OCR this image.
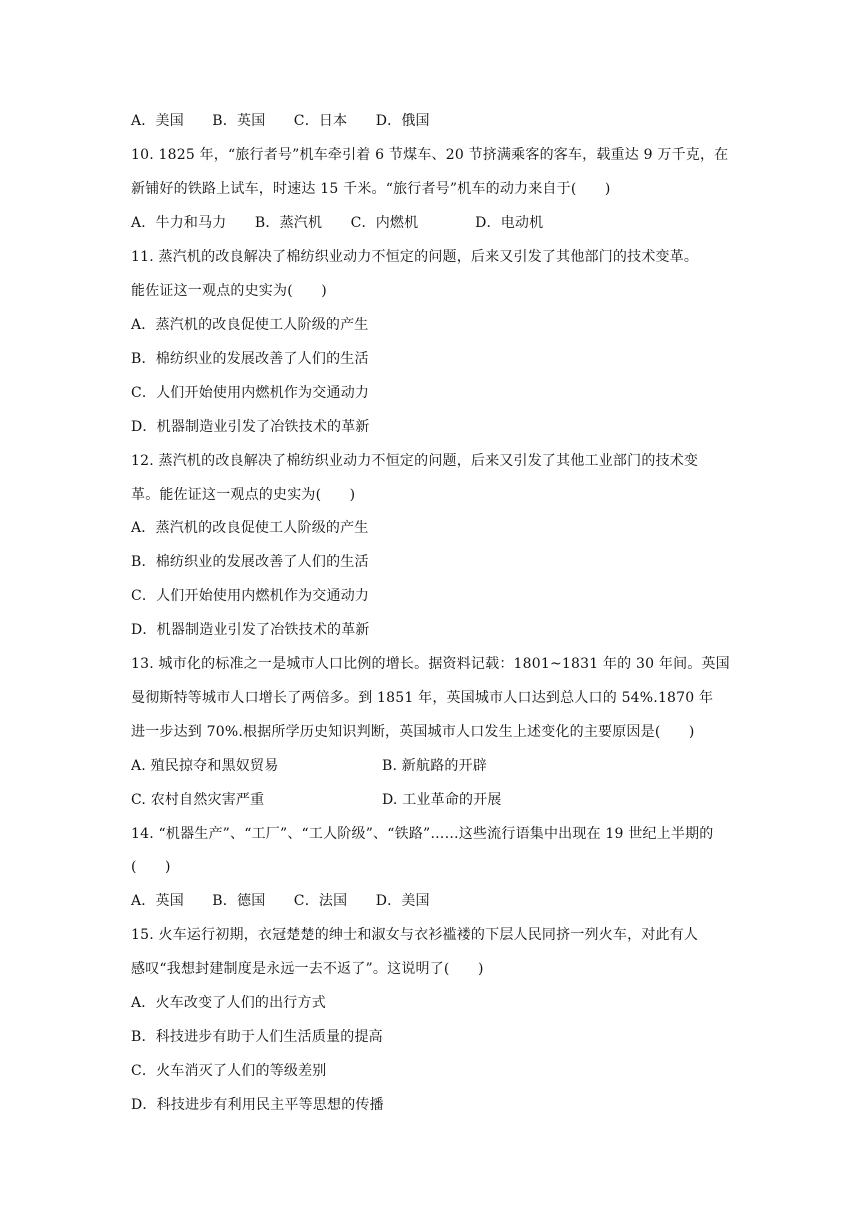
A．美国　　B．英国　　C．日本　　D．俄国
10. 1825 年，“旅行者号”机车牵引着 6 节煤车、20 节挤满乘客的客车，载重达 9 万千克，在
新铺好的铁路上试车，时速达 15 千米。“旅行者号”机车的动力来自于(　　)
A．牛力和马力　　B．蒸汽机　　C．内燃机　　　　D．电动机
11. 蒸汽机的改良解决了棉纺织业动力不恒定的问题，后来又引发了其他部门的技术变革。
能佐证这一观点的史实为(　　)
A．蒸汽机的改良促使工人阶级的产生
B．棉纺织业的发展改善了人们的生活
C．人们开始使用内燃机作为交通动力
D．机器制造业引发了冶铁技术的革新
12. 蒸汽机的改良解决了棉纺织业动力不恒定的问题，后来又引发了其他工业部门的技术变
革。能佐证这一观点的史实为(　　)
A．蒸汽机的改良促使工人阶级的产生
B．棉纺织业的发展改善了人们的生活
C．人们开始使用内燃机作为交通动力
D．机器制造业引发了冶铁技术的革新
13. 城市化的标准之一是城市人口比例的增长。据资料记载：1801~1831 年的 30 年间。英国
曼彻斯特等城市人口增长了两倍多。到 1851 年，英国城市人口达到总人口的 54%.1870 年
进一步达到 70%.根据所学历史知识判断，英国城市人口发生上述变化的主要原因是(　　)
A. 殖民掠夺和黑奴贸易	B. 新航路的开辟
C. 农村自然灾害严重	D. 工业革命的开展
14. “机器生产”、“工厂”、“工人阶级”、“铁路”……这些流行语集中出现在 19 世纪上半期的
(　　)
A．英国　　B．德国　　C．法国　　D．美国
15. 火车运行初期，衣冠楚楚的绅士和淑女与衣衫褴褛的下层人民同挤一列火车，对此有人
感叹“我想封建制度是永远一去不返了”。这说明了(　　)
A．火车改变了人们的出行方式
B．科技进步有助于人们生活质量的提高
C．火车消灭了人们的等级差别
D．科技进步有利用民主平等思想的传播
